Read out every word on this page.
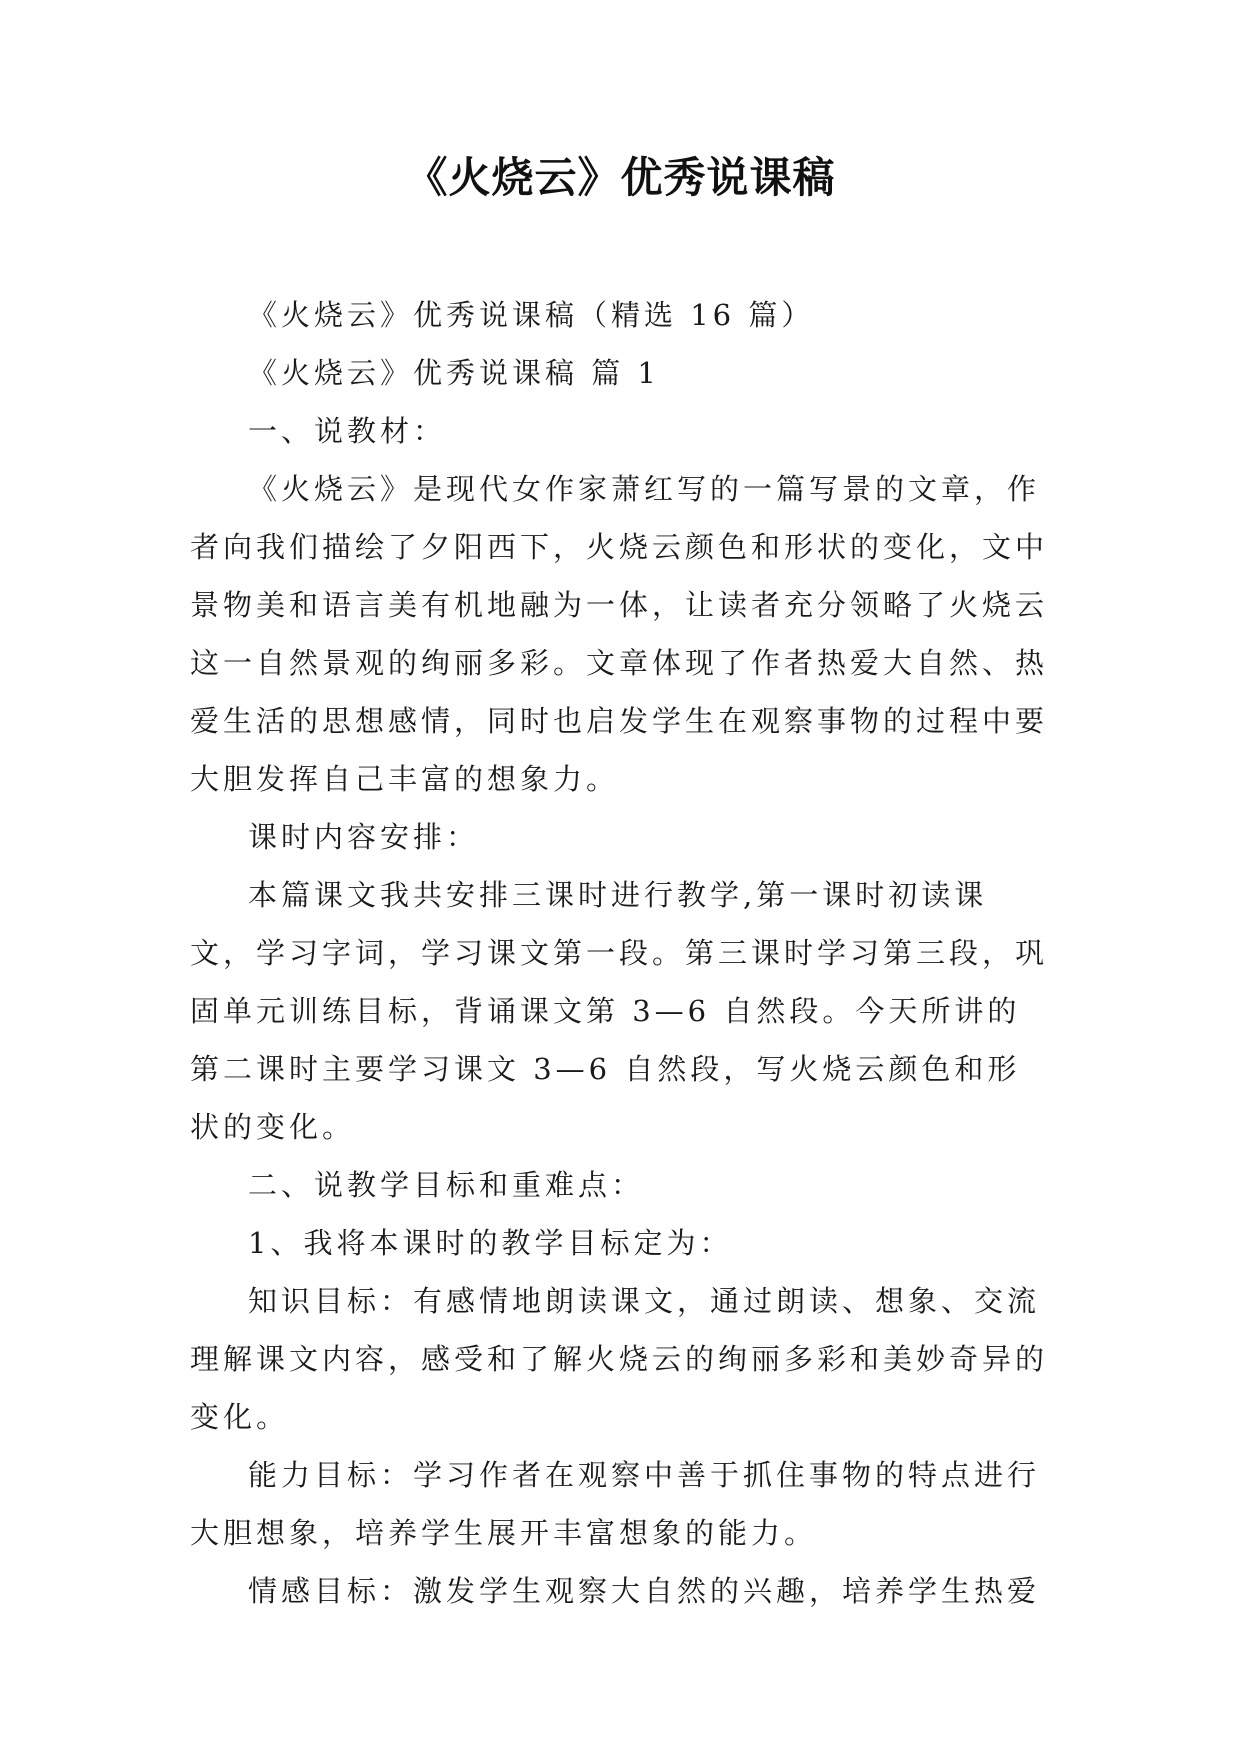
《火烧云》优秀说课稿

《火烧云》优秀说课稿（精选 16 篇）

《火烧云》优秀说课稿 篇 1

一、说教材：

《火烧云》是现代女作家萧红写的一篇写景的文章，作者向我们描绘了夕阳西下，火烧云颜色和形状的变化，文中景物美和语言美有机地融为一体，让读者充分领略了火烧云这一自然景观的绚丽多彩。文章体现了作者热爱大自然、热爱生活的思想感情，同时也启发学生在观察事物的过程中要大胆发挥自己丰富的想象力。

课时内容安排：

本篇课文我共安排三课时进行教学,第一课时初读课文，学习字词，学习课文第一段。第三课时学习第三段，巩固单元训练目标，背诵课文第 3—6 自然段。今天所讲的第二课时主要学习课文 3—6 自然段，写火烧云颜色和形状的变化。

二、说教学目标和重难点：

1、我将本课时的教学目标定为：

知识目标：有感情地朗读课文，通过朗读、想象、交流理解课文内容，感受和了解火烧云的绚丽多彩和美妙奇异的变化。

能力目标：学习作者在观察中善于抓住事物的特点进行大胆想象，培养学生展开丰富想象的能力。

情感目标：激发学生观察大自然的兴趣，培养学生热爱
